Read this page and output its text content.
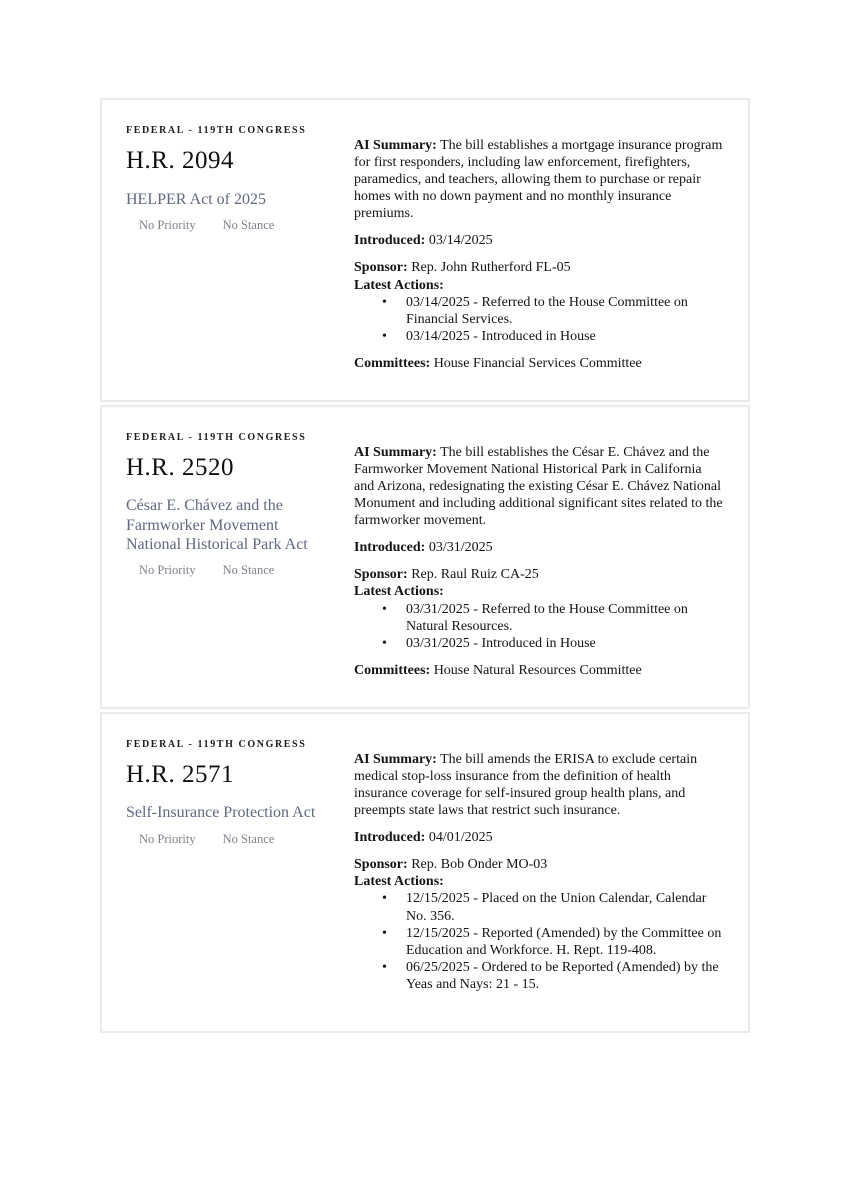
FEDERAL - 119TH CONGRESS
H.R. 2094
HELPER Act of 2025
No Priority No Stance

AI Summary: The bill establishes a mortgage insurance program for first responders, including law enforcement, firefighters, paramedics, and teachers, allowing them to purchase or repair homes with no down payment and no monthly insurance premiums.

Introduced: 03/14/2025

Sponsor: Rep. John Rutherford FL-05

Latest Actions:

• 03/14/2025 - Referred to the House Committee on Financial Services.
• 03/14/2025 - Introduced in House

Committees: House Financial Services Committee

FEDERAL - 119TH CONGRESS
H.R. 2520
César E. Chávez and the Farmworker Movement National Historical Park Act
No Priority No Stance

AI Summary: The bill establishes the César E. Chávez and the Farmworker Movement National Historical Park in California and Arizona, redesignating the existing César E. Chávez National Monument and including additional significant sites related to the farmworker movement.

Introduced: 03/31/2025

Sponsor: Rep. Raul Ruiz CA-25

Latest Actions:

• 03/31/2025 - Referred to the House Committee on Natural Resources.
• 03/31/2025 - Introduced in House

Committees: House Natural Resources Committee

FEDERAL - 119TH CONGRESS
H.R. 2571
Self-Insurance Protection Act
No Priority No Stance

AI Summary: The bill amends the ERISA to exclude certain medical stop-loss insurance from the definition of health insurance coverage for self-insured group health plans, and preempts state laws that restrict such insurance.

Introduced: 04/01/2025

Sponsor: Rep. Bob Onder MO-03

Latest Actions:

• 12/15/2025 - Placed on the Union Calendar, Calendar No. 356.
• 12/15/2025 - Reported (Amended) by the Committee on Education and Workforce. H. Rept. 119-408.
• 06/25/2025 - Ordered to be Reported (Amended) by the Yeas and Nays: 21 - 15.
